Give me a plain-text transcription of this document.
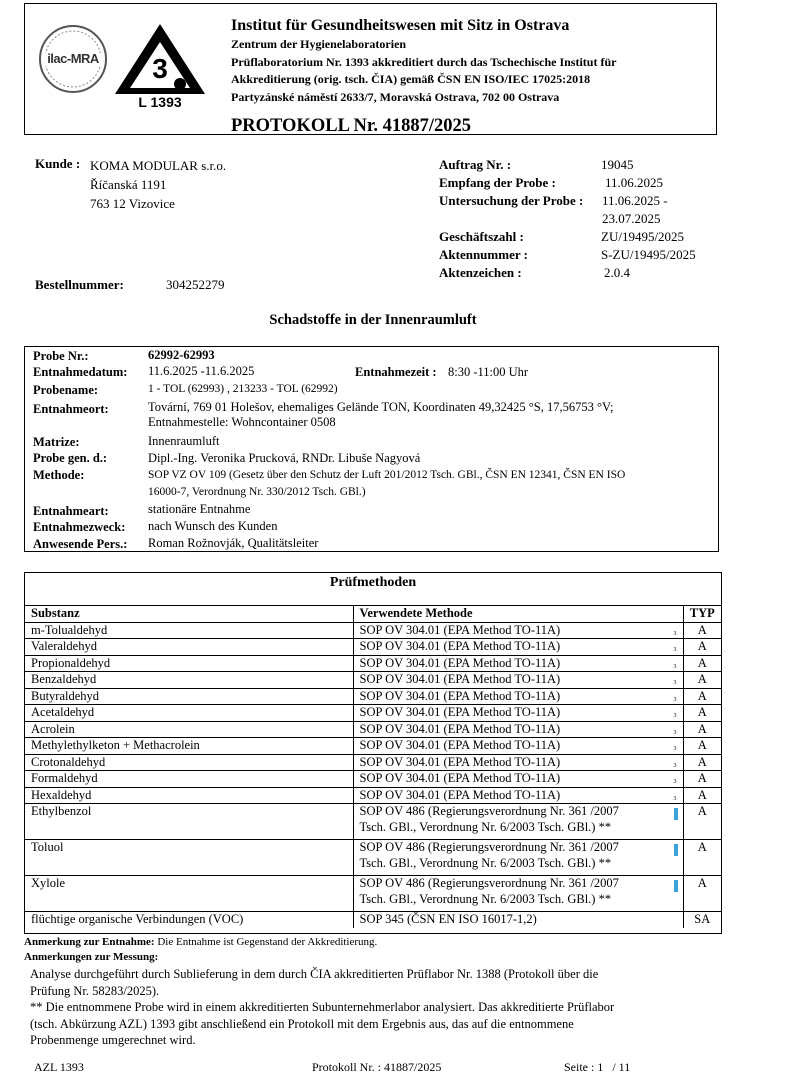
ilac-MRA	3
L 1393
Institut für Gesundheitswesen mit Sitz in Ostrava
Zentrum der Hygienelaboratorien
Prüflaboratorium Nr. 1393 akkreditiert durch das Tschechische Institut für
Akkreditierung (orig. tsch. ČIA) gemäß ČSN EN ISO/IEC 17025:2018
Partyzánské náměstí 2633/7, Moravská Ostrava, 702 00 Ostrava
PROTOKOLL Nr. 41887/2025
Kunde : KOMA MODULAR s.r.o.
Říčanská 1191
763 12 Vizovice
Bestellnummer:	304252279
Auftrag Nr. :	19045
Empfang der Probe :	11.06.2025
Untersuchung der Probe :	11.06.2025 -
23.07.2025
Geschäftszahl :	ZU/19495/2025
Aktennummer :	S-ZU/19495/2025
Aktenzeichen :	2.0.4
Schadstoffe in der Innenraumluft
Probe Nr.:	62992-62993
Entnahmedatum: 11.6.2025 -11.6.2025	Entnahmezeit : 8:30 -11:00 Uhr
Probename:	1 - TOL (62993) , 213233 - TOL (62992)
Entnahmeort:	Tovární, 769 01 Holešov, ehemaliges Gelände TON, Koordinaten 49,32425 °S, 17,56753 °V;
Entnahmestelle: Wohncontainer 0508
Matrize:	Innenraumluft
Probe gen. d.:	Dipl.-Ing. Veronika Prucková, RNDr. Libuše Nagyová
Methode:	SOP VZ OV 109 (Gesetz über den Schutz der Luft 201/2012 Tsch. GBl., ČSN EN 12341, ČSN EN ISO
16000-7, Verordnung Nr. 330/2012 Tsch. GBl.)
Entnahmeart:	stationäre Entnahme
Entnahmezweck: nach Wunsch des Kunden
Anwesende Pers.: Roman Rožnovják, Qualitätsleiter
Prüfmethoden
Substanz	Verwendete Methode	TYP
m-Tolualdehyd	SOP OV 304.01 (EPA Method TO-11A) 3	A
Valeraldehyd	SOP OV 304.01 (EPA Method TO-11A) 3	A
Propionaldehyd	SOP OV 304.01 (EPA Method TO-11A) 3	A
Benzaldehyd	SOP OV 304.01 (EPA Method TO-11A) 3	A
Butyraldehyd	SOP OV 304.01 (EPA Method TO-11A) 3	A
Acetaldehyd	SOP OV 304.01 (EPA Method TO-11A) 3	A
Acrolein	SOP OV 304.01 (EPA Method TO-11A) 3	A
Methylethylketon + Methacrolein	SOP OV 304.01 (EPA Method TO-11A) 3	A
Crotonaldehyd	SOP OV 304.01 (EPA Method TO-11A) 3	A
Formaldehyd	SOP OV 304.01 (EPA Method TO-11A) 3	A
Hexaldehyd	SOP OV 304.01 (EPA Method TO-11A) 3	A
Ethylbenzol	SOP OV 486 (Regierungsverordnung Nr. 361 /2007
Tsch. GBl., Verordnung Nr. 6/2003 Tsch. GBl.) **	A
Toluol	SOP OV 486 (Regierungsverordnung Nr. 361 /2007
Tsch. GBl., Verordnung Nr. 6/2003 Tsch. GBl.) **	A
Xylole	SOP OV 486 (Regierungsverordnung Nr. 361 /2007
Tsch. GBl., Verordnung Nr. 6/2003 Tsch. GBl.) **	A
flüchtige organische Verbindungen (VOC)	SOP 345 (ČSN EN ISO 16017-1,2)	SA
Anmerkung zur Entnahme: Die Entnahme ist Gegenstand der Akkreditierung.
Anmerkungen zur Messung:
Analyse durchgeführt durch Sublieferung in dem durch ČIA akkreditierten Prüflabor Nr. 1388 (Protokoll über die
Prüfung Nr. 58283/2025).
** Die entnommene Probe wird in einem akkreditierten Subunternehmerlabor analysiert. Das akkreditierte Prüflabor
(tsch. Abkürzung AZL) 1393 gibt anschließend ein Protokoll mit dem Ergebnis aus, das auf die entnommene
Probenmenge umgerechnet wird.
AZL 1393	Protokoll Nr. : 41887/2025	Seite : 1   / 11
